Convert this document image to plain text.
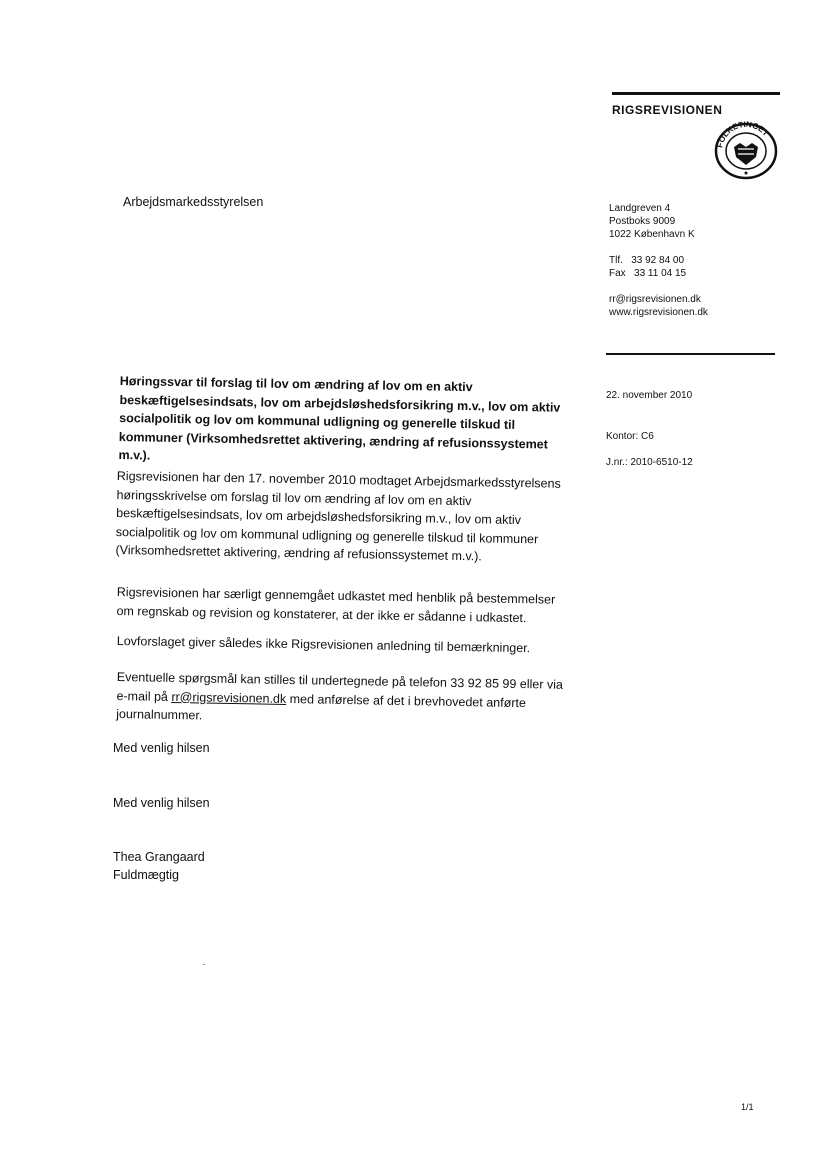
RIGSREVISIONEN
FOLKETINGET
Arbejdsmarkedsstyrelsen	Landgreven 4
Postboks 9009
1022 København K
Tlf.   33 92 84 00
Fax   33 11 04 15
rr@rigsrevisionen.dk
www.rigsrevisionen.dk
22. november 2010
Kontor: C6
J.nr.: 2010-6510-12
Høringssvar til forslag til lov om ændring af lov om en aktiv beskæftigelsesindsats, lov om arbejdsløshedsforsikring m.v., lov om aktiv socialpolitik og lov om kommunal udligning og generelle tilskud til kommuner (Virksomhedsrettet aktivering, ændring af refusionssystemet m.v.).
Rigsrevisionen har den 17. november 2010 modtaget Arbejdsmarkedsstyrelsens høringsskrivelse om forslag til lov om ændring af lov om en aktiv beskæftigelsesindsats, lov om arbejdsløshedsforsikring m.v., lov om aktiv socialpolitik og lov om kommunal udligning og generelle tilskud til kommuner (Virksomhedsrettet aktivering, ændring af refusionssystemet m.v.).
Rigsrevisionen har særligt gennemgået udkastet med henblik på bestemmelser om regnskab og revision og konstaterer, at der ikke er sådanne i udkastet.
Lovforslaget giver således ikke Rigsrevisionen anledning til bemærkninger.
Eventuelle spørgsmål kan stilles til undertegnede på telefon 33 92 85 99 eller via e-mail på rr@rigsrevisionen.dk med anførelse af det i brevhovedet anførte journalnummer.
Med venlig hilsen
Med venlig hilsen
Thea Grangaard
Fuldmægtig
1/1
